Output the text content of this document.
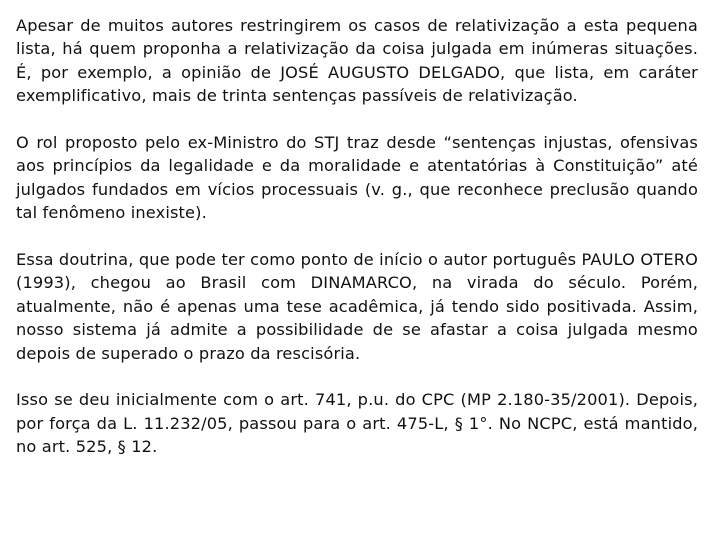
Apesar de muitos autores restringirem os casos de relativização a esta pequena lista, há quem proponha a relativização da coisa julgada em inúmeras situações. É, por exemplo, a opinião de JOSÉ AUGUSTO DELGADO, que lista, em caráter exemplificativo, mais de trinta sentenças passíveis de relativização.

O rol proposto pelo ex-Ministro do STJ traz desde “sentenças injustas, ofensivas aos princípios da legalidade e da moralidade e atentatórias à Constituição” até julgados fundados em vícios processuais (v. g., que reconhece preclusão quando tal fenômeno inexiste).

Essa doutrina, que pode ter como ponto de início o autor português PAULO OTERO (1993), chegou ao Brasil com DINAMARCO, na virada do século. Porém, atualmente, não é apenas uma tese acadêmica, já tendo sido positivada. Assim, nosso sistema já admite a possibilidade de se afastar a coisa julgada mesmo depois de superado o prazo da rescisória.

Isso se deu inicialmente com o art. 741, p.u. do CPC (MP 2.180-35/2001). Depois, por força da L. 11.232/05, passou para o art. 475-L, § 1°. No NCPC, está mantido, no art. 525, § 12.
